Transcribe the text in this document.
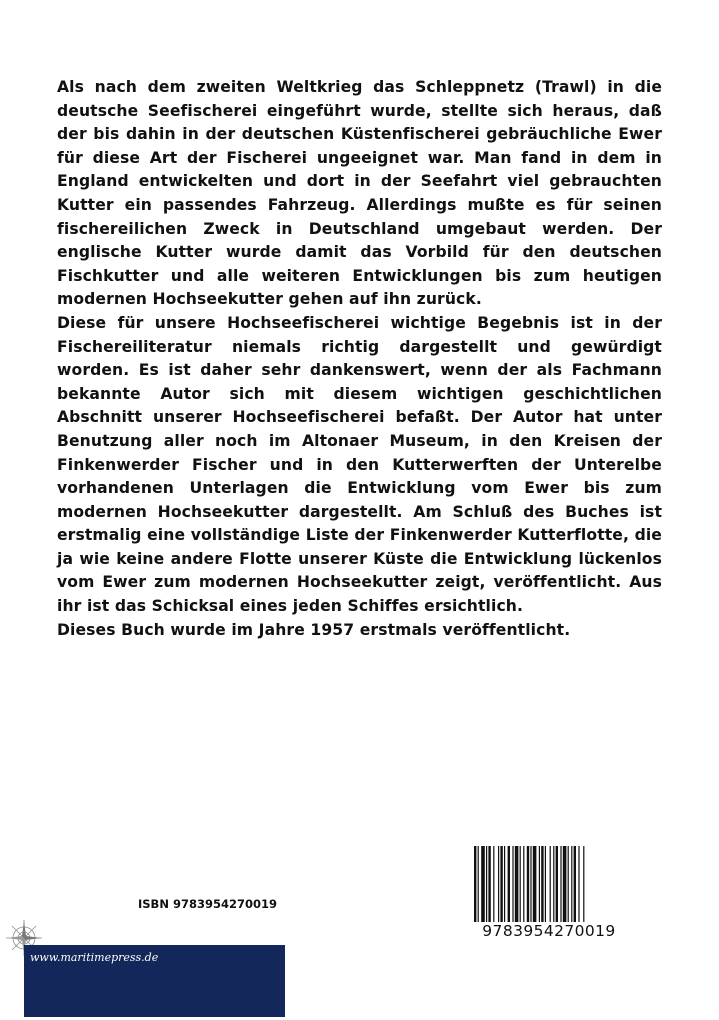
Als nach dem zweiten Weltkrieg das Schleppnetz (Trawl) in die deutsche Seefischerei eingeführt wurde, stellte sich heraus, daß der bis dahin in der deutschen Küstenfischerei gebräuchliche Ewer für diese Art der Fischerei ungeeignet war. Man fand in dem in England entwickelten und dort in der Seefahrt viel gebrauchten Kutter ein passendes Fahrzeug. Allerdings mußte es für seinen fischereilichen Zweck in Deutschland umgebaut werden. Der englische Kutter wurde damit das Vorbild für den deutschen Fischkutter und alle weiteren Entwicklungen bis zum heutigen modernen Hochseekutter gehen auf ihn zurück.

Diese für unsere Hochseefischerei wichtige Begebnis ist in der Fischereiliteratur niemals richtig dargestellt und gewürdigt worden. Es ist daher sehr dankenswert, wenn der als Fachmann bekannte Autor sich mit diesem wichtigen geschichtlichen Abschnitt unserer Hochseefischerei befaßt. Der Autor hat unter Benutzung aller noch im Altonaer Museum, in den Kreisen der Finkenwerder Fischer und in den Kutterwerften der Unterelbe vorhandenen Unterlagen die Entwicklung vom Ewer bis zum modernen Hochseekutter dargestellt. Am Schluß des Buches ist erstmalig eine vollständige Liste der Finkenwerder Kutterflotte, die ja wie keine andere Flotte unserer Küste die Entwicklung lückenlos vom Ewer zum modernen Hochseekutter zeigt, veröffentlicht. Aus ihr ist das Schicksal eines jeden Schiffes ersichtlich.

Dieses Buch wurde im Jahre 1957 erstmals veröffentlicht.

ISBN 9783954270019
9783954270019
www.maritimepress.de
